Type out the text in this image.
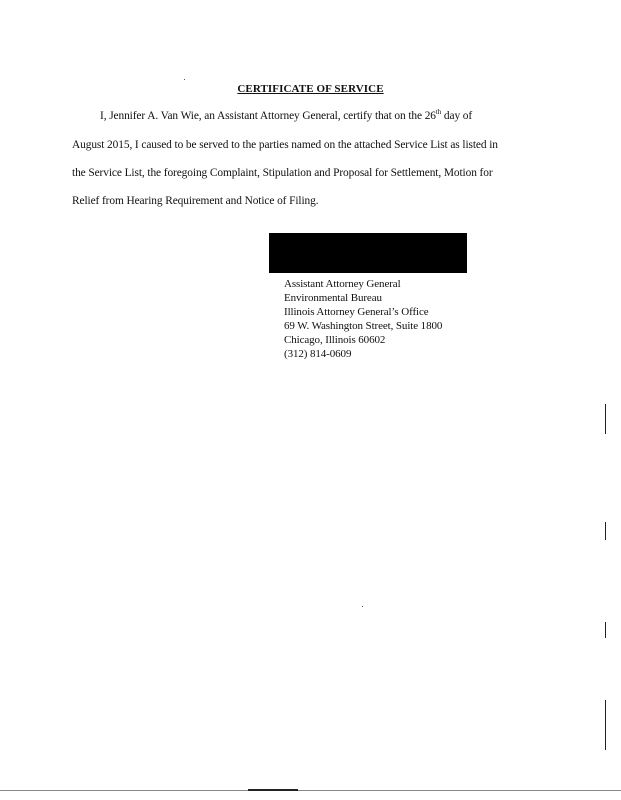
CERTIFICATE OF SERVICE
I, Jennifer A. Van Wie, an Assistant Attorney General, certify that on the 26th day of
August 2015, I caused to be served to the parties named on the attached Service List as listed in
the Service List, the foregoing Complaint, Stipulation and Proposal for Settlement, Motion for
Relief from Hearing Requirement and Notice of Filing.
Assistant Attorney General
Environmental Bureau
Illinois Attorney General’s Office
69 W. Washington Street, Suite 1800
Chicago, Illinois 60602
(312) 814-0609
